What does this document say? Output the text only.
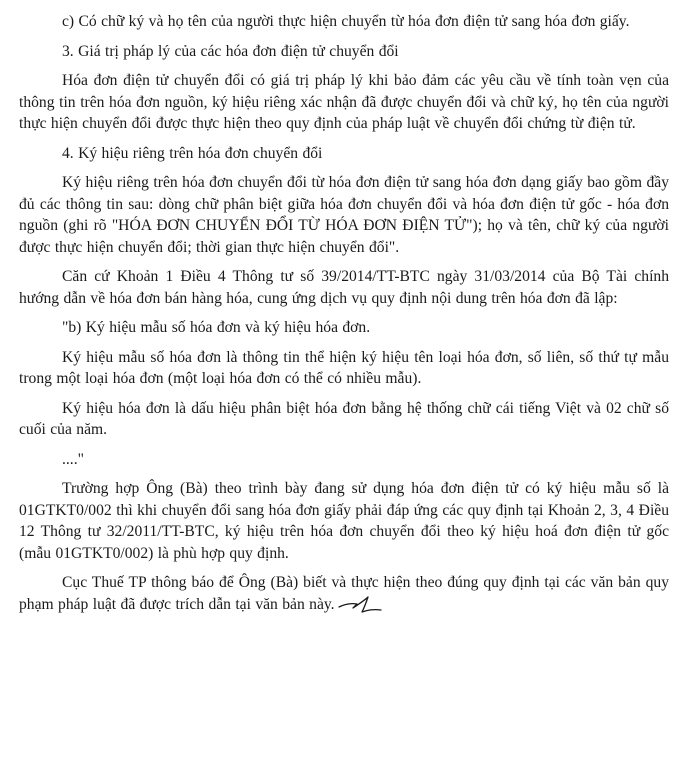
c) Có chữ ký và họ tên của người thực hiện chuyển từ hóa đơn điện tử sang hóa đơn giấy.

3. Giá trị pháp lý của các hóa đơn điện tử chuyển đổi

Hóa đơn điện tử chuyển đổi có giá trị pháp lý khi bảo đảm các yêu cầu về tính toàn vẹn của thông tin trên hóa đơn nguồn, ký hiệu riêng xác nhận đã được chuyển đổi và chữ ký, họ tên của người thực hiện chuyển đổi được thực hiện theo quy định của pháp luật về chuyển đổi chứng từ điện tử.

4. Ký hiệu riêng trên hóa đơn chuyển đổi

Ký hiệu riêng trên hóa đơn chuyển đổi từ hóa đơn điện tử sang hóa đơn dạng giấy bao gồm đầy đủ các thông tin sau: dòng chữ phân biệt giữa hóa đơn chuyển đổi và hóa đơn điện tử gốc - hóa đơn nguồn (ghi rõ "HÓA ĐƠN CHUYỂN ĐỔI TỪ HÓA ĐƠN ĐIỆN TỬ"); họ và tên, chữ ký của người được thực hiện chuyển đổi; thời gian thực hiện chuyển đổi".

Căn cứ Khoản 1 Điều 4 Thông tư số 39/2014/TT-BTC ngày 31/03/2014 của Bộ Tài chính hướng dẫn về hóa đơn bán hàng hóa, cung ứng dịch vụ quy định nội dung trên hóa đơn đã lập:

"b) Ký hiệu mẫu số hóa đơn và ký hiệu hóa đơn.

Ký hiệu mẫu số hóa đơn là thông tin thể hiện ký hiệu tên loại hóa đơn, số liên, số thứ tự mẫu trong một loại hóa đơn (một loại hóa đơn có thể có nhiều mẫu).

Ký hiệu hóa đơn là dấu hiệu phân biệt hóa đơn bằng hệ thống chữ cái tiếng Việt và 02 chữ số cuối của năm.

...."

Trường hợp Ông (Bà) theo trình bày đang sử dụng hóa đơn điện tử có ký hiệu mẫu số là 01GTKT0/002 thì khi chuyển đổi sang hóa đơn giấy phải đáp ứng các quy định tại Khoản 2, 3, 4 Điều 12 Thông tư 32/2011/TT-BTC, ký hiệu trên hóa đơn chuyển đổi theo ký hiệu hoá đơn điện tử gốc (mẫu 01GTKT0/002) là phù hợp quy định.

Cục Thuế TP thông báo để Ông (Bà) biết và thực hiện theo đúng quy định tại các văn bản quy phạm pháp luật đã được trích dẫn tại văn bản này.
